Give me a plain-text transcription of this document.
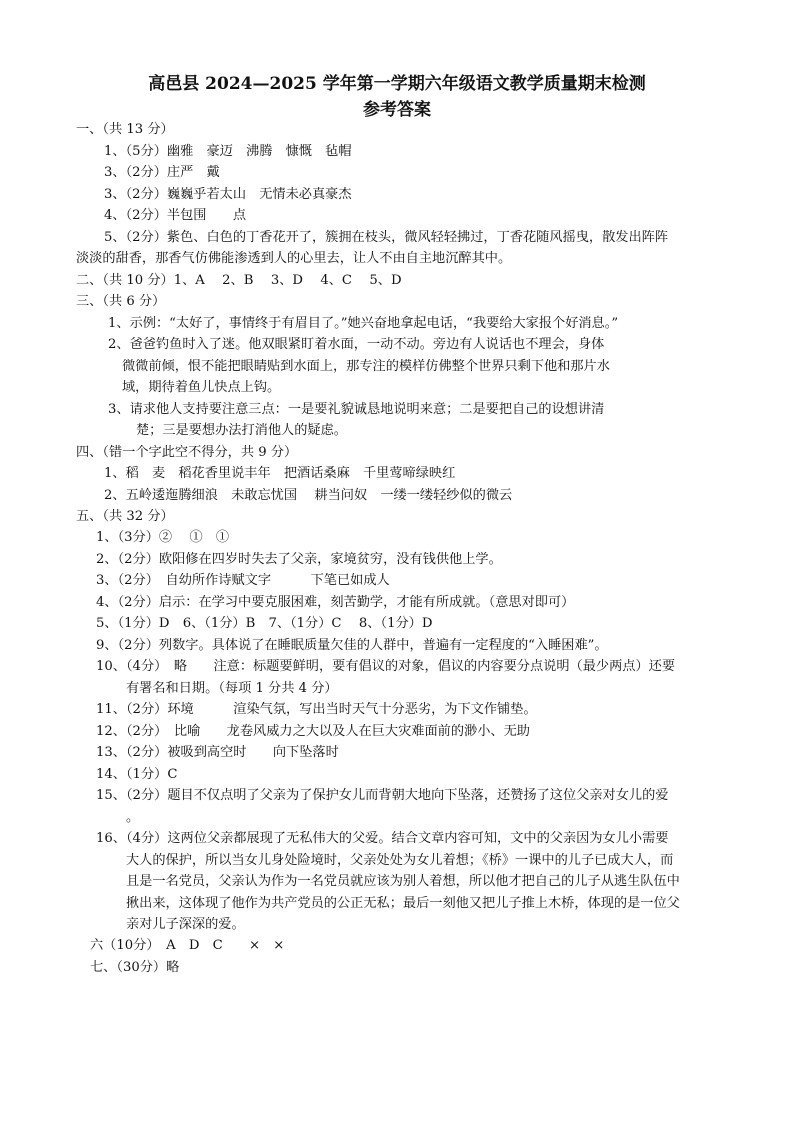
高邑县 2024—2025 学年第一学期六年级语文教学质量期末检测
参考答案
一、（共 13 分）
1、（5分）幽雅　豪迈　沸腾　慷慨　毡帽
3、（2分）庄严　戴
3、（2分）巍巍乎若太山　无情未必真豪杰
4、（2分）半包围　　点
5、（2分）紫色、白色的丁香花开了，簇拥在枝头，微风轻轻拂过，丁香花随风摇曳，散发出阵阵
淡淡的甜香，那香气仿佛能渗透到人的心里去，让人不由自主地沉醉其中。
二、（共 10 分）1、A　 2、B　 3、D　 4、C　 5、D
三、（共 6 分）
1、示例：“太好了，事情终于有眉目了。”她兴奋地拿起电话，“我要给大家报个好消息。”
2、爸爸钓鱼时入了迷。他双眼紧盯着水面，一动不动。旁边有人说话也不理会，身体
微微前倾，恨不能把眼睛贴到水面上，那专注的模样仿佛整个世界只剩下他和那片水
域，期待着鱼儿快点上钩。
3、请求他人支持要注意三点：一是要礼貌诚恳地说明来意；二是要把自己的设想讲清
楚；三是要想办法打消他人的疑虑。
四、（错一个字此空不得分，共 9 分）
1、稻　麦　稻花香里说丰年　把酒话桑麻　千里莺啼绿映红
2、五岭逶迤腾细浪　未敢忘忧国　 耕当问奴　一缕一缕轻纱似的微云
五、（共 32 分）
1、（3分）②　 ①　①
2、（2分）欧阳修在四岁时失去了父亲，家境贫穷，没有钱供他上学。
3、（2分）　自幼所作诗赋文字　　　下笔已如成人
4、（2分）启示：在学习中要克服困难，刻苦勤学，才能有所成就。（意思对即可）
5、（1分）D　6、（1分）B　7、（1分）C　 8、（1分）D
9、（2分）列数字。具体说了在睡眠质量欠佳的人群中，普遍有一定程度的“入睡困难”。
10、（4分）　略　　注意：标题要鲜明，要有倡议的对象，倡议的内容要分点说明（最少两点）还要
有署名和日期。（每项 1 分共 4 分）
11、（2分）环境　　　渲染气氛，写出当时天气十分恶劣，为下文作铺垫。
12、（2分）　比喻　　龙卷风威力之大以及人在巨大灾难面前的渺小、无助
13、（2分）被吸到高空时　　向下坠落时
14、（1分）C
15、（2分）题目不仅点明了父亲为了保护女儿而背朝大地向下坠落，还赞扬了这位父亲对女儿的爱
。
16、（4分）这两位父亲都展现了无私伟大的父爱。结合文章内容可知，文中的父亲因为女儿小需要
大人的保护，所以当女儿身处险境时，父亲处处为女儿着想；《桥》一课中的儿子已成大人，而
且是一名党员，父亲认为作为一名党员就应该为别人着想，所以他才把自己的儿子从逃生队伍中
揪出来，这体现了他作为共产党员的公正无私；最后一刻他又把儿子推上木桥，体现的是一位父
亲对儿子深深的爱。
六（10分）　A　D　C　　×　×
七、（30分）略
